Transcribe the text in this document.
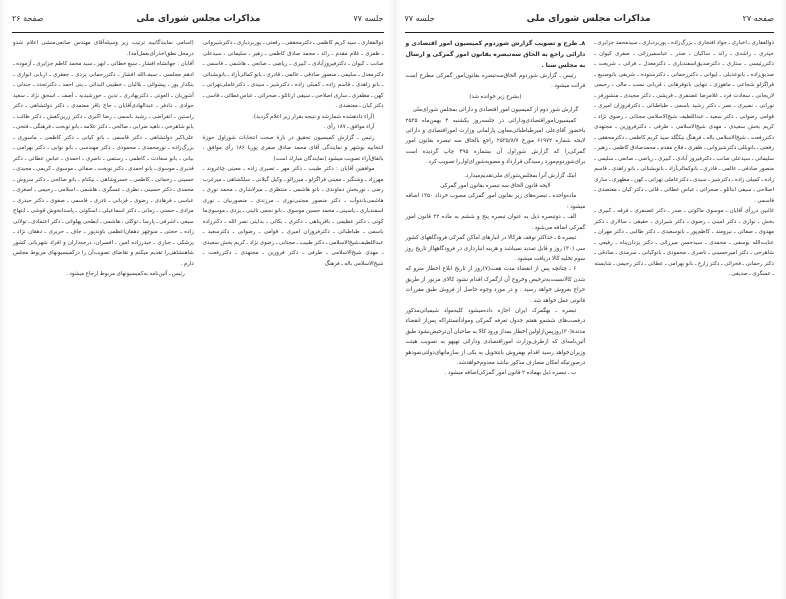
صفحه ۲۷
مذاکرات مجلس شورای ملی
جلسه ۷۷

ذوالفقاری ـ اخباری ـ جواد افتخاری ـ بزرگ‌زاده ـ پوربردباری ـ سیدمحمد جزایری ـ حیدری ـ راشدی ـ رائد ـ ساکیان ـ صدر ـ عباسمیرزائی ـ صفری کیوان ـ دکتررئیسی ـ ستاری ـ دکترصدیق‌اسفندیاری ـ دکترمعدل ـ فراتی ـ شریعت ـ صدیق‌زاده ـ بانوعدیلی ـ لیوانی ـ دکتررحمانی ـ دکترستوده ـ شریفی بانوصنیع ـ قراگزلو شجاعی ـ ماهوزی ـ تنهایی بانوفرهانی ـ قربانی نسب ـ مالی ـ رحیمی لاریجانی ـ سعادت فرد ـ غلامرضا غضنفری ـ قریشی ـ دکتر مجیدی ـ منشورفر ـ نورانی ـ نصیری ـ نصر ـ دکتر رشید باسمی ـ طباطبائی ـ دکترفروزان امیری ـ قوامی رضوانی ـ دکتر سعید ـ عبداللطیف شیخ‌الاسلامی مجتانی ـ رضوی نژاد ـ کریم بخش سعیدی ـ مهدی شیخ‌الاسلامی ـ طرفی ـ دکترفروزین ـ مجتهدی دکتررفعت ـ شیخ‌الاسلامی باله ـ فرهنگ نیکگلد سید کریم کاظمی ـ دکترمحققی ـ رفعتی ـ بانوبللی دکترشیروانی ـ ظفری ـ فلاح مقدم ـ محمدصادق کاظمی ـ زهیر ـ سلیمانی ـ سیدعلی صانب ـ دکترفیروز آبادی ـ کبیری ـ ریاضی ـ صانعی ـ سلیمی ـ منصور صادقی ـ عالمی ـ قادری ـ بانوکمالی‌آزاد ـ بانوبشنائی ـ بانو زاهدی ـ قاسم زاده ـ کمیلی زاده ـ دکترشیر ـ سیدی ـ دکترعاملی تهرانی ـ کهن ـ مظهری ـ ساری اصلاحی ـ سیفی ابتائلو ـ صحرائی ـ عباس عطائی ـ قائی ـ دکتر کیان ـ معتضدی ـ قاسمی .

غائبین دررأی آقایان ـ موسوی ماکوئی ـ صدر ـ دکتر غضنفری ـ فرقه ـ کبیری ـ بخش ـ نوازی ـ دکتر امینی ـ رضوی ـ دکتر شیرازی ـ حقیقی ـ سالاری ـ دکتر مهدوی ـ صفائی ـ نیرومند ـ کاظم‌پور ـ بانوسعیدی ـ دکتر طالبی ـ دکتر مهران ـ عنایت‌الله یوسفی ـ محمدی ـ سیدحسن میرزائی ـ دکتر یزدان‌پناه ـ رفیعی ـ شاهرخی ـ دکتر امیرحسینی ـ ناصری ـ محمودی ـ بانوکیانی ـ سرمدی ـ صادقی ـ دکتر رحمانی ـ فخرائی ـ دکتر زارع ـ بانو بهرامی ـ عطائی ـ دکتر رحیمی ـ شایسته ـ عسگری ـ صدیقی .

۸ـ طرح و تصویب گزارش شوردوم کمیسیون امور اقتصادی و دارائی راجع به الحاق سه‌تبصره بقانون امور گمرکی و ارسال به مجلس سنا .

رئیس ـ گزارش شوردوم الحاق‌سه‌تبصره بقانون‌امور گمرکی مطرح است قرائت میشود .

(بشرح زیر خوانده شد)

گزارش شور دوم از کمیسیون امور اقتصادی و دارائی بمجلس شورای‌ملی

کمیسیون‌امور‌اقتصادی‌ودارائی در جلسه‌روز یکشنبه ۴ بهمن‌ماه ۲۵۳۵ باحضور آقای‌علی امیرطباطبائی‌معاون پارلمانی وزارت امور‌اقتصادی و دارائی لایحه شماره ۶۱۹۷۲ مورخ ۲۵۳۵/۸/۷ راجع بالحاق سه تبصره بقانون امور گمرکی‌را که گزارش شوراول آن بشماره ۴۹۵ چاپ گردیده است برای‌شور‌دوم‌مورد رسیدگی قرارداد و مصوبه‌شورای‌اول‌را تصویب کرد .

اینک گزارش آنرا بمجلس‌شورای ملی‌تقدیم‌میدارد.

لایحه قانون الحاق سه تبصره بقانون امور گمرکی

ماده‌واحده ـ تبصره‌های زیر بقانون امور گمرکی مصوب خرداد ۱۳۵۰ اضافه میشود :

الف ـ دوتبصره ذیل به عنوان تبصره پنج و ششم به ماده ۲۲ قانون امور گمرکی اضافه می‌شود .

تبصره ۵ ـ حداکثر توقف هرکالا در انبارهای اماکن گمرکی فرودگاههای کشور سی (۳۰) روز و قابل تمدید نمیباشد و هزینه انبارداری در فرودگاههااز تاریخ روز سوم تخلیه کالا دریافت میشود .

۶ ـ چنانچه پس از انقضاء مدت هفت(۷)روز از تاریخ ابلاغ اخطار مترو که شدن کالانسبت‌به‌ترخیص وخروج آن ازگمرک اقدام نشود کالای مزبور از طریق حراج بفروش خواهد رسید . و در مورد وجوه حاصل از فروش طبق مقررات قانونی عمل خواهد شد .

تبصره ـ بهگمرک ایران اجازه داده‌میشود کلیه‌مواد شیمیائی‌مذکور در‌فصت‌های ششم‌و هفتم جدول تعرفه گمرکی وموادآنستثراکه پس‌از انقضاء مدتدهٔ(۳۰)روزپس‌ازاولین اخطار بمداز ورود کالا به صاحبان آن‌ترخیص‌نشود طبق آئین‌نامه‌ای که ازطرف‌وزارت اموراقتصادی ودارائی تهیهو به تصویب هیئت وزیران‌خواهد رسید اقدام بهفروش بانتحویل به یکی از سازمانهای‌دولتی‌نمودهو درصورتیکه امکان مصارف مذکور نباشد معدوم‌خواهدشد.

ب ـ تبصره ذیل بهماده ۲ قانون امور گمرکی‌اضافه میشود .

جلسه ۷۷
مذاکرات مجلس شورای ملی
صفحة ۲۶

ذوالفقاری ـ سید کریم کاظمی ـ دکترمحققی ـ رفعتی ـ پوربردباری ـ دکترشیروانی ـ ظفری ـ غلام مقدم ـ رائد ـ محمد صادق کاظمی ـ زهیر ـ سلیمانی ـ سیدعلی صانب ـ کیوان ـ دکترفیروزآبادی ـ کبیری ـ ریاضی ـ صانعی ـ هاشمی ـ قاسمی ـ دکترمعدل ـ سلیمی ـ منصور صادقی ـ عالمی ـ قادری ـ بانو کمالی‌آزاد ـ بانوبشنائی ـ بانو زاهدی ـ قاسم زاده ـ کمیلی زاده ـ دکترشیر ـ سیدی ـ دکترعاملی‌تهرانی ـ کهن ـ مظفری ـ ساری اصلاحی ـ سیفی ارتائلو ـ صحرائی ـ عباس‌عطائی ـ قاسی ـ دکتر کیان ـ معتضدی .

(آراء دادهشده شمارشد و نتیجه بقرار زیر اعلام گردید).

آراء موافق ـ ۱۸۷ رأی .

رئیس ـ گزارش کمیسیون تحقیق در بارهٔ صحت انتخابات شوراول حوزهٔ انتخابیه بوشهر و نمایندگی آقای محمد صادق صفری پوربا ۱۸۶ رأی موافق ، باتفاق‌آراء تصویب میشود (نمایندگان مبارك است)

موافقین آقایان : دکتر طبیب ـ دکتر مهر ـ تصیری زاده ـ معینی چاغروند ـ مهرزاد ـ وشنگبر ـ معینی قراگزلو ـ میرزالو ـ وکیل گیلانی ـ سلکشاهی ـ میرغرب رضی ـ نوربخش دماوندی ـ بانو هاشمی ـ منتظری ـ میرلاشاری ـ محمد نوری ـ هاشمی‌باندوآب ـ دکتر منصور مجتبی‌نوری ـ مرزندی ـ منصوربیان ـ نوری اسفندیاری ـ یاسینی ـ محمد حسین موسوی ـ بانو نجمی نائینی ـ یزدی ـ موسوی‌ما کوئی ـ دکتر عظیمی ـ باقر‌پناهی ـ دکتری ـ بکائی ـ بدایتی‌ نصر الله ـ دکترزاده باسمی ـ طباطبائی ـ دکترفروزان امیری ـ قوامی ـ رضوانی ـ دکترسعید ـ عبداللطیف‌شیخ‌الاسلامی ـ دکتر طبیب ـ مجتانی ـ رضوی نژاد ـ کریم بخش سعیدی ـ مهدی شیخ‌الاسلامی ـ طرفی ـ دکتر فروزین ـ مجتهدی ـ دکتررفعت ـ شیخ‌الاسلامی باله ـ فرهنگ

(اسامی نمایندگانیبه ترتیب زیر وسیله‌آقای مهندس صانعی‌منشی‌ اعلام شدو درمحل نطق‌اخذرأی‌بعمل‌آمد).

آقایان : جهانشاه افشار ـ سبع خطائی ـ ابهر ـ سید محمد کاظم جزایری ـ آزموده ـ ادهم مجلسی ـ سیف‌الله افشار ـ دکتررحمانی یزدی ـ جعفری ـ اربابی انواری ـ بنکدار پور ـ پیشوائی ـ بلالیان ـ خطیبی البدائی ـ بنی احمد ـ دکترتجدد ـ جندلی ـ آشوریان ـ العوتی ـ دکتربهادری ـ تدین ـ خورشیدیه ـ آصف ـ اسحق نژاد ـ سعید جوادی ـ دادفر ـ عبدالهادی‌آقایان ـ حاج باقر معتمدی ـ دکتر دولتشاهی ـ دکتر راستین ـ انقراضی ـ رشید باسمی ـ رضا اکبری ـ دکتر زرین‌کفش ـ دکتر طالب ـ بانو شاهرخی ـ ناهید ضرابی ـ صالحی ـ دکتر علامه ـ بانو نوبخت ـ فرهنگی ـ فتحی ـ علی‌اکبر دولتشاهی ـ دکتر قاسمی ـ بانو کیانی ـ دکتر کاظمی ـ ماسوری ـ بزرگ‌زاده ـ نورمحمدی ـ محمودی ـ دکتر مهندسی ـ بانو نوابی ـ دکتر بهرامی ـ بیانی ـ بانو سعادت ـ کاظمی ـ رستمی ـ ناصری ـ احمدی ـ عباس عطائی ـ دکتر قدیری ـ موسوی ـ بانو احمدی ـ دکتر نوبخت ـ صفائی ـ موسوی ـ کریمی ـ مجیدی ـ حسینی ـ رحمانی ـ کاظمی ـ خسروشاهی ـ نیکنام ـ بانو صالحی ـ دکتر سروش ـ محمدی ـ دکتر حسینی ـ نظری ـ عسگری ـ هاشمی ـ اسلامی ـ رحیمی ـ اصغری ـ عباسی ـ فرهادی ـ رضوی ـ قربانی ـ نادری ـ قاسمی ـ صفوی ـ دکتر حیدری ـ مرادی ـ حسنی ـ زمانی ـ دکتر اسماعیلی ـ اسکوئی ـ پاسدانخوش قوشی ـ ابتهاج سبعی ـ اشرفی ـ پارسا ـ توکلی ـ هاشمی ـ ابطحی پهلوانی ـ دکتر اعتمادی ـ تولائی زاده ـ حجتی ـ منوچهر دهقان‌اعظمی باوندپور ـ جاف ـ حریری ـ دهقان نژاد ـ پزشکی ـ جباری ـ حیدرزاده امین ـ افسران، درجه‌داران و افراد شهربانی کشور شاهنشاهی‌را تقدیم میکنم و تقاضای تصویب‌آن را درکمیسیونهای مربوط مجلس دارم .

رئیس ـ آئین‌نامه به‌کمیسیونهای مربوط ارجاع میشود .
